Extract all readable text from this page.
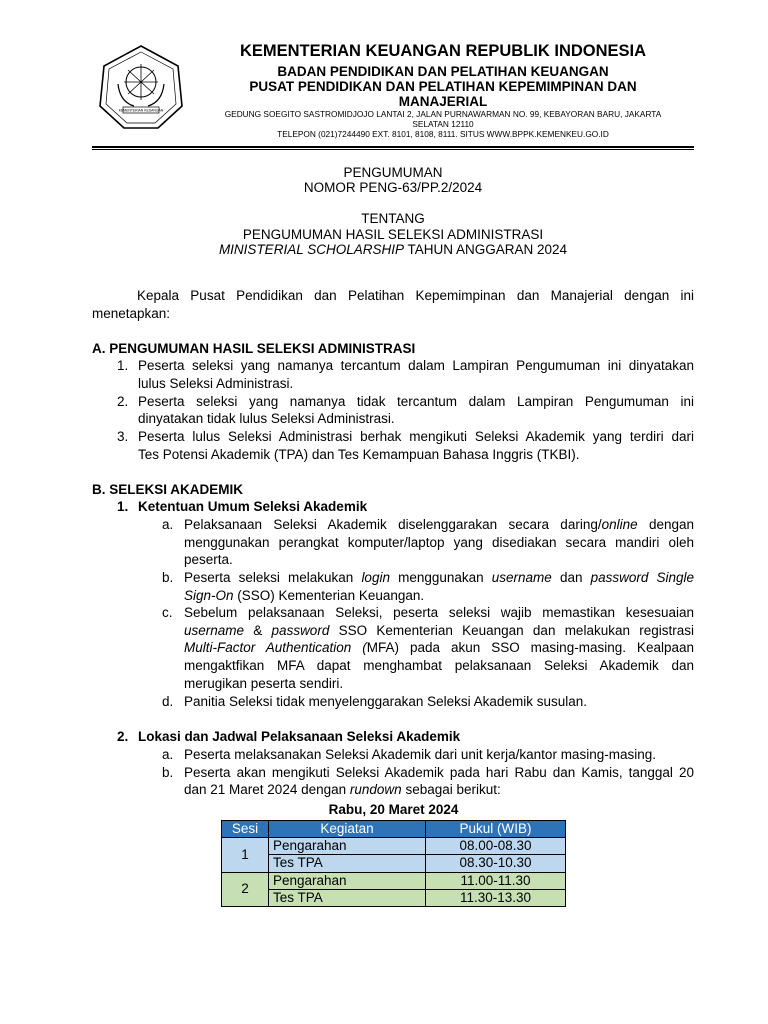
KEMENTERIAN KEUANGAN
KEMENTERIAN KEUANGAN REPUBLIK INDONESIA
BADAN PENDIDIKAN DAN PELATIHAN KEUANGAN
PUSAT PENDIDIKAN DAN PELATIHAN KEPEMIMPINAN DAN
MANAJERIAL
GEDUNG SOEGITO SASTROMIDJOJO LANTAI 2, JALAN PURNAWARMAN NO. 99, KEBAYORAN BARU, JAKARTA
SELATAN 12110
TELEPON (021)7244490 EXT. 8101, 8108, 8111. SITUS WWW.BPPK.KEMENKEU.GO.ID
PENGUMUMAN
NOMOR PENG-63/PP.2/2024
TENTANG
PENGUMUMAN HASIL SELEKSI ADMINISTRASI
MINISTERIAL SCHOLARSHIP TAHUN ANGGARAN 2024
Kepala Pusat Pendidikan dan Pelatihan Kepemimpinan dan Manajerial dengan ini
menetapkan:
A. PENGUMUMAN HASIL SELEKSI ADMINISTRASI
1. Peserta seleksi yang namanya tercantum dalam Lampiran Pengumuman ini dinyatakan
lulus Seleksi Administrasi.
2. Peserta seleksi yang namanya tidak tercantum dalam Lampiran Pengumuman ini
dinyatakan tidak lulus Seleksi Administrasi.
3. Peserta lulus Seleksi Administrasi berhak mengikuti Seleksi Akademik yang terdiri dari
Tes Potensi Akademik (TPA) dan Tes Kemampuan Bahasa Inggris (TKBI).
B. SELEKSI AKADEMIK
1. Ketentuan Umum Seleksi Akademik
a. Pelaksanaan Seleksi Akademik diselenggarakan secara daring/online dengan
menggunakan perangkat komputer/laptop yang disediakan secara mandiri oleh
peserta.
b. Peserta seleksi melakukan login menggunakan username dan password Single
Sign-On (SSO) Kementerian Keuangan.
c. Sebelum pelaksanaan Seleksi, peserta seleksi wajib memastikan kesesuaian
username & password SSO Kementerian Keuangan dan melakukan registrasi
Multi-Factor Authentication (MFA) pada akun SSO masing-masing. Kealpaan
mengaktfikan MFA dapat menghambat pelaksanaan Seleksi Akademik dan
merugikan peserta sendiri.
d. Panitia Seleksi tidak menyelenggarakan Seleksi Akademik susulan.
2. Lokasi dan Jadwal Pelaksanaan Seleksi Akademik
a. Peserta melaksanakan Seleksi Akademik dari unit kerja/kantor masing-masing.
b. Peserta akan mengikuti Seleksi Akademik pada hari Rabu dan Kamis, tanggal 20
dan 21 Maret 2024 dengan rundown sebagai berikut:
Rabu, 20 Maret 2024
Sesi	Kegiatan	Pukul (WIB)
1	Pengarahan	08.00-08.30
	Tes TPA	08.30-10.30
2	Pengarahan	11.00-11.30
	Tes TPA	11.30-13.30
